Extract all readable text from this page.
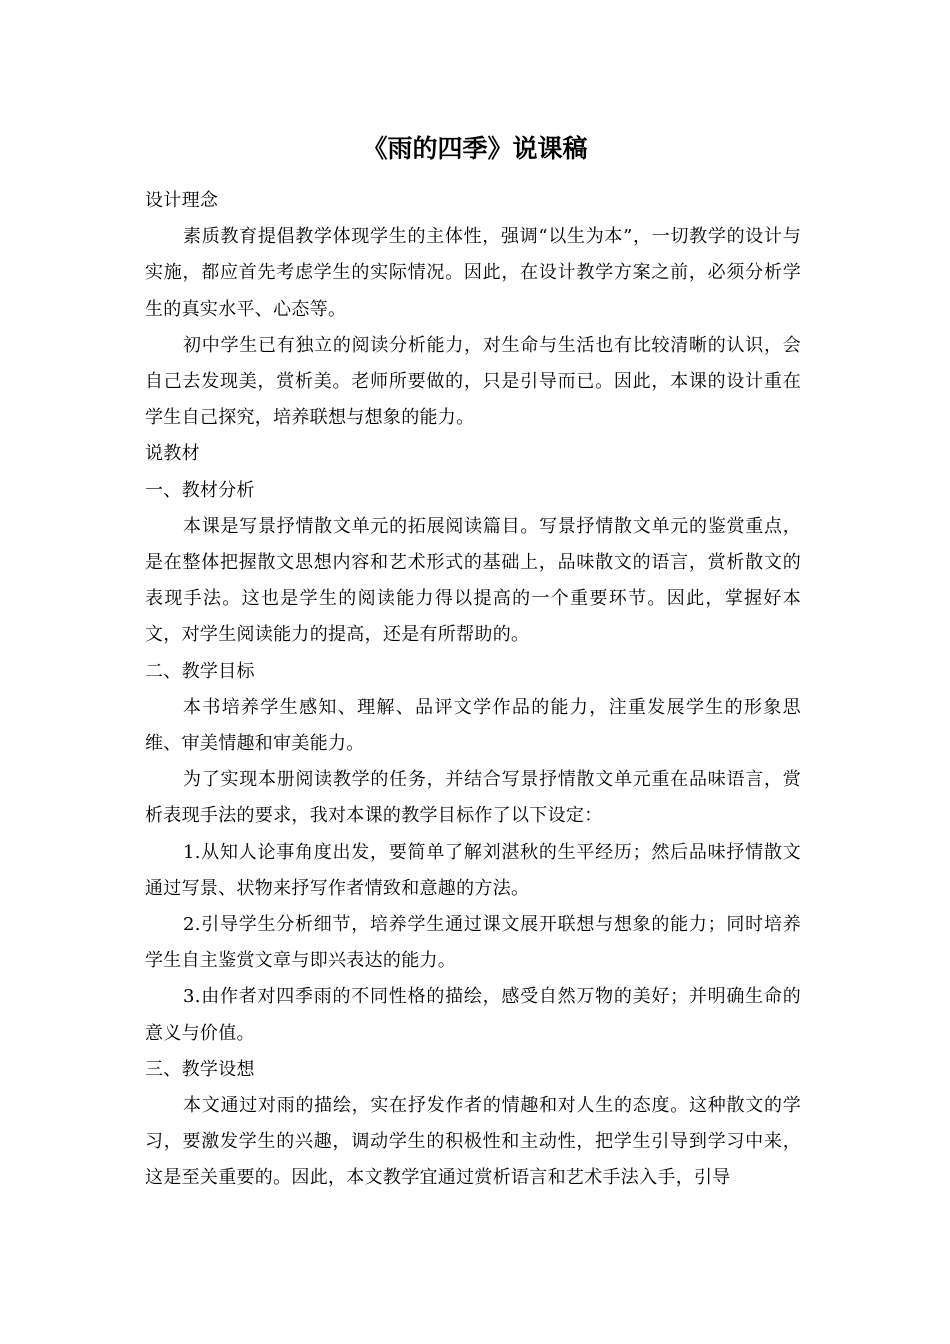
《雨的四季》说课稿

设计理念

素质教育提倡教学体现学生的主体性，强调“以生为本”，一切教学的设计与实施，都应首先考虑学生的实际情况。因此，在设计教学方案之前，必须分析学生的真实水平、心态等。

初中学生已有独立的阅读分析能力，对生命与生活也有比较清晰的认识，会自己去发现美，赏析美。老师所要做的，只是引导而已。因此，本课的设计重在学生自己探究，培养联想与想象的能力。

说教材

一、教材分析

本课是写景抒情散文单元的拓展阅读篇目。写景抒情散文单元的鉴赏重点，是在整体把握散文思想内容和艺术形式的基础上，品味散文的语言，赏析散文的表现手法。这也是学生的阅读能力得以提高的一个重要环节。因此，掌握好本文，对学生阅读能力的提高，还是有所帮助的。

二、教学目标

本书培养学生感知、理解、品评文学作品的能力，注重发展学生的形象思维、审美情趣和审美能力。

为了实现本册阅读教学的任务，并结合写景抒情散文单元重在品味语言，赏析表现手法的要求，我对本课的教学目标作了以下设定：

1.从知人论事角度出发，要简单了解刘湛秋的生平经历；然后品味抒情散文通过写景、状物来抒写作者情致和意趣的方法。

2.引导学生分析细节，培养学生通过课文展开联想与想象的能力；同时培养学生自主鉴赏文章与即兴表达的能力。

3.由作者对四季雨的不同性格的描绘，感受自然万物的美好；并明确生命的意义与价值。

三、教学设想

本文通过对雨的描绘，实在抒发作者的情趣和对人生的态度。这种散文的学习，要激发学生的兴趣，调动学生的积极性和主动性，把学生引导到学习中来，这是至关重要的。因此，本文教学宜通过赏析语言和艺术手法入手，引导
